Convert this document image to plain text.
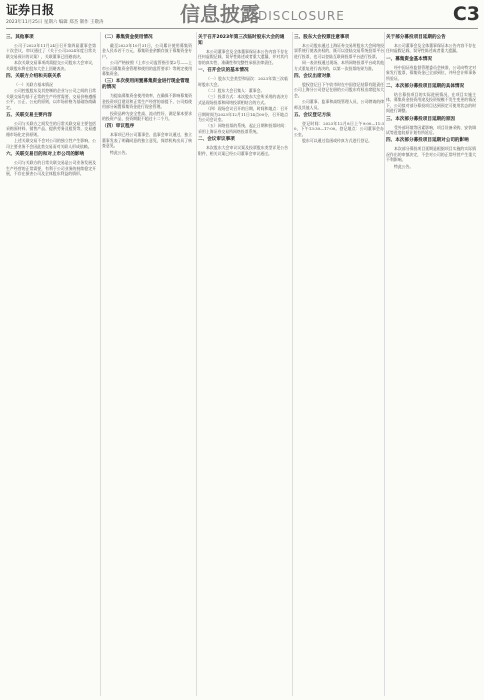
证券日报
2023年11月25日 星期六 编辑 郑杰 制作 王敬涛	信息披露
DISCLOSURE	C3
三、其他事项
公司于2023年11月24日召开第四届董事会第十次会议，审议通过了《关于公司2024年度日常关联交易预计的议案》，关联董事已回避表决。
本次关联交易事项尚需提交公司股东大会审议，关联股东将在股东大会上回避表决。
四、关联方介绍和关联关系
（一）关联方基本情况
公司控股股东及其控制的企业与公司之间的日常关联交易均基于正常的生产经营需要，交易价格遵循公平、公正、公允的原则，以市场价格为基础协商确定。
五、关联交易主要内容
公司与关联方之间发生的日常关联交易主要包括采购原材料、销售产品、提供劳务及租赁等，交易遵循市场化定价原则。
上述关联交易不会对公司的独立性产生影响，公司主要业务不会因此类交易而对关联人形成依赖。
六、关联交易目的和对上市公司的影响
公司与关联方的日常关联交易是公司业务发展及生产经营的正常需要，有利于公司业务的持续稳定开展，不存在损害公司及全体股东利益的情形。
（二）募集资金使用情况
截至2023年10月31日，公司累计使用募集资金人民币若干万元，募集资金余额存放于募集资金专户。
公司严格按照《上市公司监管指引第2号——上市公司募集资金管理和使用的监管要求》等规定使用募集资金。
（三）本次使用闲置募集资金进行现金管理的情况
为提高募集资金使用效率，在确保不影响募集资金投资项目建设和正常生产经营的前提下，公司拟使用部分闲置募集资金进行现金管理。
投资品种为安全性高、流动性好、满足保本要求的投资产品，投资期限不超过十二个月。
（四）审议程序
本事项已经公司董事会、监事会审议通过，独立董事发表了明确同意的独立意见，保荐机构出具了核查意见。
特此公告。
关于召开2023年第三次临时股东大会的通知
本公司董事会及全体董事保证本公告内容不存在任何虚假记载、误导性陈述或者重大遗漏，并对其内容的真实性、准确性和完整性承担法律责任。
一、召开会议的基本情况
（一）股东大会类型和届次：2023年第三次临时股东大会。
（二）股东大会召集人：董事会。
（三）投票方式：本次股东大会所采用的表决方式是现场投票和网络投票相结合的方式。
（四）现场会议召开的日期、时间和地点：召开日期时间为2023年12月11日14点00分，召开地点为公司会议室。
（五）网络投票的系统、起止日期和投票时间：采用上海证券交易所网络投票系统。
二、会议审议事项
本次股东大会审议议案及投票股东类型详见公告附件，相关议案已经公司董事会审议通过。
三、股东大会投票注意事项
本公司股东通过上海证券交易所股东大会网络投票系统行使表决权的，既可以登陆交易系统投票平台进行投票，也可以登陆互联网投票平台进行投票。
同一表决权通过现场、本所网络投票平台或其他方式重复进行表决的，以第一次投票结果为准。
四、会议出席对象
股权登记日下午收市时在中国登记结算有限责任公司上海分公司登记在册的公司股东有权出席股东大会。
公司董事、监事和高级管理人员，公司聘请的律师及其他人员。
五、会议登记方法
登记时间：2023年12月8日上午9:00—11:30，下午13:30—17:00。登记地点：公司董事会办公室。
股东可以通过信函或传真方式进行登记。
关于部分募投项目延期的公告
本公司董事会及全体董事保证本公告内容不存在任何虚假记载、误导性陈述或者重大遗漏。
一、募集资金基本情况
经中国证券监督管理委员会核准，公司向特定对象发行股票，募集资金已全部到位，并经会计师事务所验证。
二、本次部分募投项目延期的具体情况
结合募投项目的实际进展情况，在项目实施主体、募集资金投资用途及投资规模不发生变更的情况下，公司拟对部分募投项目达到预定可使用状态的时间进行调整。
三、本次部分募投项目延期的原因
受外部环境等因素影响，项目设备采购、安装调试等进度较原计划有所延后。
四、本次部分募投项目延期对公司的影响
本次部分募投项目延期是根据项目实施的实际情况作出的审慎决定，不会对公司的正常经营产生重大不利影响。
特此公告。
